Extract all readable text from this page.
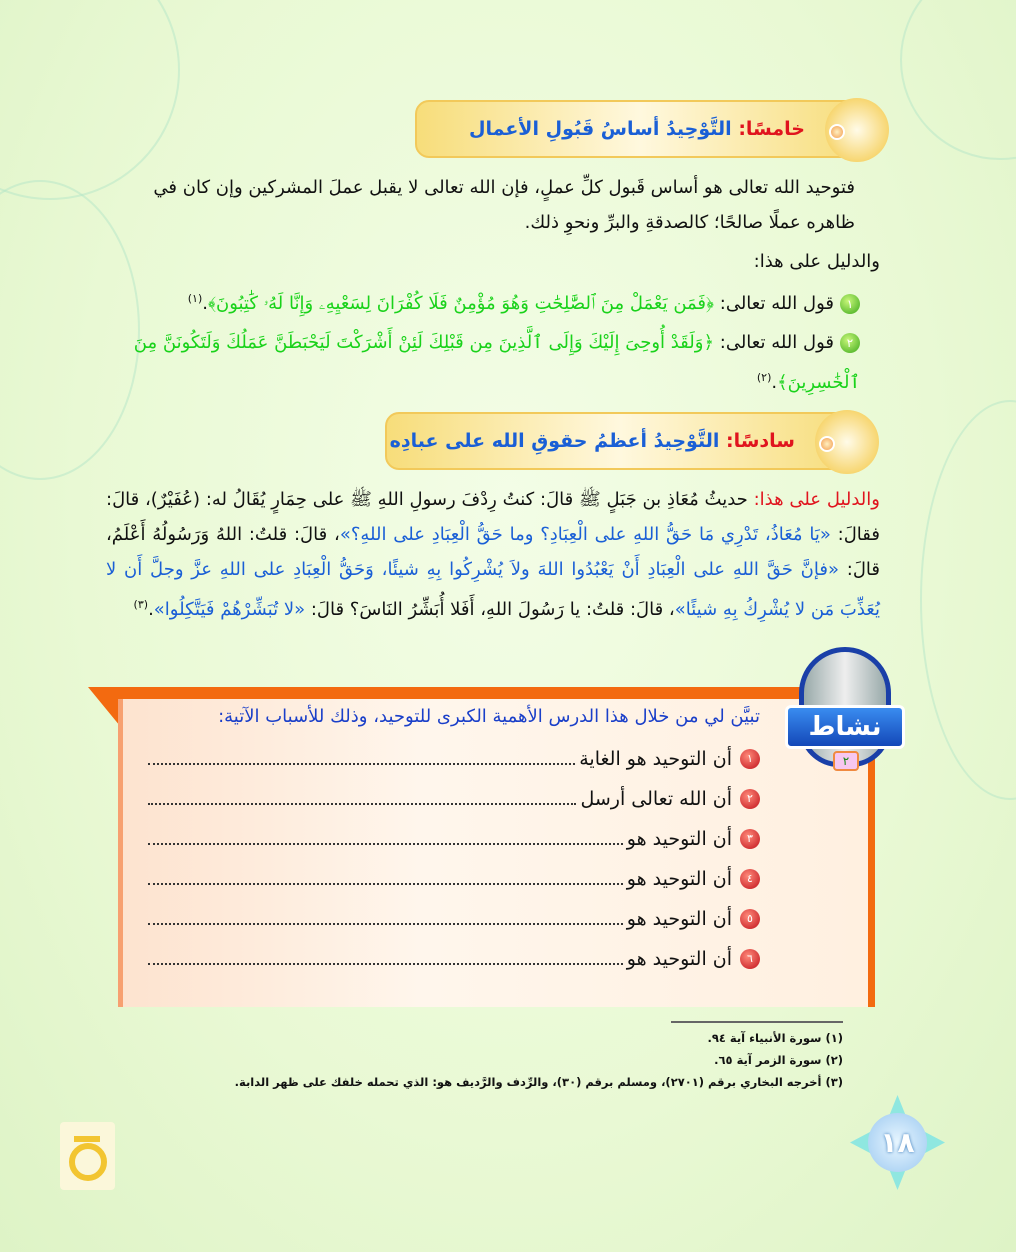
خامسًا:

التَّوْحِيدُ أساسُ قَبُولِ الأعمال

فتوحيد الله تعالى هو أساس قَبول كلِّ عملٍ، فإن الله تعالى لا يقبل عملَ المشركين وإن كان في ظاهره عملًا صالحًا؛ كالصدقةِ والبرِّ ونحوِ ذلك.

والدليل على هذا:

١قول الله تعالى: ﴿فَمَن يَعْمَلْ مِنَ ٱلصَّٰلِحَٰتِ وَهُوَ مُؤْمِنٌ فَلَا كُفْرَانَ لِسَعْيِهِۦ وَإِنَّا لَهُۥ كَٰتِبُونَ﴾.$^{(١)}$

٢قول الله تعالى: ﴿وَلَقَدْ أُوحِىَ إِلَيْكَ وَإِلَى ٱلَّذِينَ مِن قَبْلِكَ لَئِنْ أَشْرَكْتَ لَيَحْبَطَنَّ عَمَلُكَ وَلَتَكُونَنَّ مِنَ ٱلْخَٰسِرِينَ﴾.$^{(٢)}$

سادسًا:

التَّوْحِيدُ أعظمُ حقوقِ الله على عبادِه

والدليل على هذا: حديثُ مُعَاذِ بن جَبَلٍ ﷺ قالَ: كنتُ رِدْفَ رسولِ اللهِ ﷺ على حِمَارٍ يُقَالُ له: (عُفَيْرٌ)، قالَ: فقالَ: «يَا مُعَاذُ، تَدْرِي مَا حَقُّ اللهِ على الْعِبَادِ؟ وما حَقُّ الْعِبَادِ على اللهِ؟»، قالَ: قلتُ: اللهُ وَرَسُولُهُ أَعْلَمُ، قالَ: «فإنَّ حَقَّ اللهِ على الْعِبَادِ أَنْ يَعْبُدُوا اللهَ ولاَ يُشْرِكُوا بِهِ شيئًا، وَحَقُّ الْعِبَادِ على اللهِ عزَّ وجلَّ أَن لا يُعَذِّبَ مَن لا يُشْرِكُ بِهِ شيئًا»، قالَ: قلتُ: يا رَسُولَ اللهِ، أَفَلا أُبَشِّرُ النَاسَ؟ قالَ: «لا تُبَشِّرْهُمْ فَيَتَّكِلُوا».$^{(٣)}$

نشاط
٢

تبيَّن لي من خلال هذا الدرس الأهمية الكبرى للتوحيد، وذلك للأسباب الآتية:

١
أن التوحيد هو الغاية
٢
أن الله تعالى أرسل
٣
أن التوحيد هو
٤
أن التوحيد هو
٥
أن التوحيد هو
٦
أن التوحيد هو

(١) سورة الأنبياء آية ٩٤.

(٢) سورة الزمر آية ٦٥.

(٣) أخرجه البخاري برقم (٢٧٠١)، ومسلم برقم (٣٠)، والرِّدف والرَّديف هو: الذي تحمله خلفك على ظهر الدابة.

١٨
